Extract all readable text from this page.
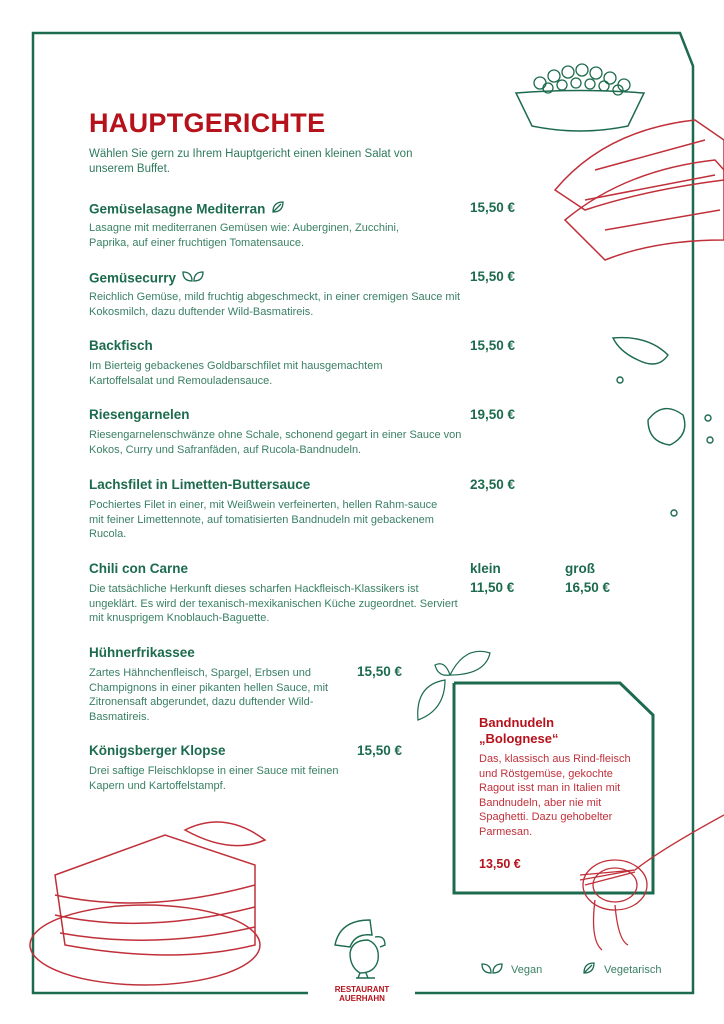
HAUPTGERICHTE
Wählen Sie gern zu Ihrem Hauptgericht einen kleinen Salat von unserem Buffet.
Gemüselasagne Mediterran	15,50 €
Lasagne mit mediterranen Gemüsen wie: Auberginen, Zucchini, Paprika, auf einer fruchtigen Tomatensauce.
Gemüsecurry	15,50 €
Reichlich Gemüse, mild fruchtig abgeschmeckt, in einer cremigen Sauce mit Kokosmilch, dazu duftender Wild-Basmatireis.
Backfisch	15,50 €
Im Bierteig gebackenes Goldbarschfilet mit hausgemachtem Kartoffelsalat und Remouladensauce.
Riesengarnelen	19,50 €
Riesengarnelenschwänze ohne Schale, schonend gegart in einer Sauce von Kokos, Curry und Safranfäden, auf Rucola-Bandnudeln.
Lachsfilet in Limetten-Buttersauce	23,50 €
Pochiertes Filet in einer, mit Weißwein verfeinerten, hellen Rahm-sauce mit feiner Limettennote, auf tomatisierten Bandnudeln mit gebackenem Rucola.
Chili con Carne	klein	groß
11,50 €	16,50 €
Die tatsächliche Herkunft dieses scharfen Hackfleisch-Klassikers ist ungeklärt. Es wird der texanisch-mexikanischen Küche zugeordnet. Serviert mit knusprigem Knoblauch-Baguette.
Hühnerfrikassee
15,50 €
Zartes Hähnchenfleisch, Spargel, Erbsen und Champignons in einer pikanten hellen Sauce, mit Zitronensaft abgerundet, dazu duftender Wild-Basmatireis.
Königsberger Klopse	15,50 €
Drei saftige Fleischklopse in einer Sauce mit feinen Kapern und Kartoffelstampf.
Bandnudeln
„Bolognese“
Das, klassisch aus Rind-fleisch und Röstgemüse, gekochte Ragout isst man in Italien mit Bandnudeln, aber nie mit Spaghetti. Dazu gehobelter Parmesan.
13,50 €
RESTAURANT
AUERHAHN
Vegan	Vegetarisch
